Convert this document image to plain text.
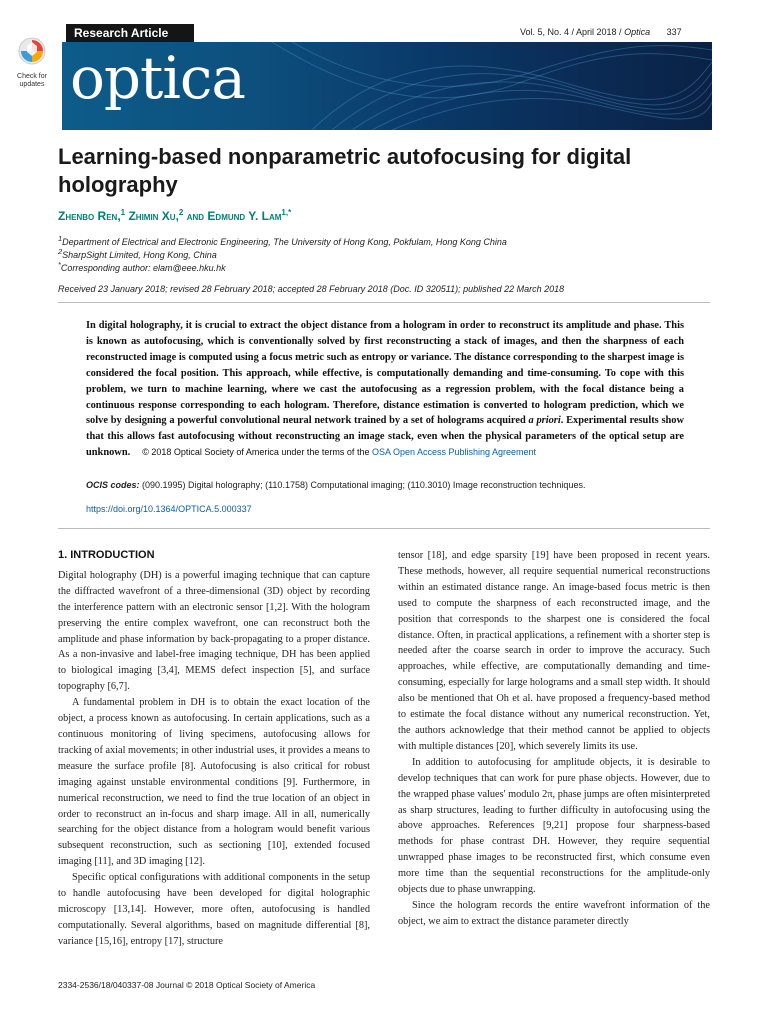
Research Article	Vol. 5, No. 4 / April 2018 / Optica 337
Check for updates optica
Learning-based nonparametric autofocusing for digital holography
Zhenbo Ren,$^1$ Zhimin Xu,$^2$ and Edmund Y. Lam$^{1,*}$
$^1$Department of Electrical and Electronic Engineering, The University of Hong Kong, Pokfulam, Hong Kong China
$^2$SharpSight Limited, Hong Kong, China
*Corresponding author: elam@eee.hku.hk
Received 23 January 2018; revised 28 February 2018; accepted 28 February 2018 (Doc. ID 320511); published 22 March 2018
In digital holography, it is crucial to extract the object distance from a hologram in order to reconstruct its amplitude and phase. This is known as autofocusing, which is conventionally solved by first reconstructing a stack of images, and then the sharpness of each reconstructed image is computed using a focus metric such as entropy or variance. The distance corresponding to the sharpest image is considered the focal position. This approach, while effective, is computationally demanding and time-consuming. To cope with this problem, we turn to machine learning, where we cast the autofocusing as a regression problem, with the focal distance being a continuous response corresponding to each hologram. Therefore, distance estimation is converted to hologram prediction, which we solve by designing a powerful convolutional neural network trained by a set of holograms acquired a priori. Experimental results show that this allows fast autofocusing without reconstructing an image stack, even when the physical parameters of the optical setup are unknown. © 2018 Optical Society of America under the terms of the OSA Open Access Publishing Agreement
OCIS codes: (090.1995) Digital holography; (110.1758) Computational imaging; (110.3010) Image reconstruction techniques.
https://doi.org/10.1364/OPTICA.5.000337
1. INTRODUCTION

Digital holography (DH) is a powerful imaging technique that can capture the diffracted wavefront of a three-dimensional (3D) object by recording the interference pattern with an electronic sensor [1,2]. With the hologram preserving the entire complex wavefront, one can reconstruct both the amplitude and phase information by back-propagating to a proper distance. As a non-invasive and label-free imaging technique, DH has been applied to biological imaging [3,4], MEMS defect inspection [5], and surface topography [6,7].

A fundamental problem in DH is to obtain the exact location of the object, a process known as autofocusing. In certain applications, such as a continuous monitoring of living specimens, autofocusing allows for tracking of axial movements; in other industrial uses, it provides a means to measure the surface profile [8]. Autofocusing is also critical for robust imaging against unstable environmental conditions [9]. Furthermore, in numerical reconstruction, we need to find the true location of an object in order to reconstruct an in-focus and sharp image. All in all, numerically searching for the object distance from a hologram would benefit various subsequent reconstruction, such as sectioning [10], extended focused imaging [11], and 3D imaging [12].

Specific optical configurations with additional components in the setup to handle autofocusing have been developed for digital holographic microscopy [13,14]. However, more often, autofocusing is handled computationally. Several algorithms, based on magnitude differential [8], variance [15,16], entropy [17], structure

tensor [18], and edge sparsity [19] have been proposed in recent years. These methods, however, all require sequential numerical reconstructions within an estimated distance range. An image-based focus metric is then used to compute the sharpness of each reconstructed image, and the position that corresponds to the sharpest one is considered the focal distance. Often, in practical applications, a refinement with a shorter step is needed after the coarse search in order to improve the accuracy. Such approaches, while effective, are computationally demanding and time-consuming, especially for large holograms and a small step width. It should also be mentioned that Oh et al. have proposed a frequency-based method to estimate the focal distance without any numerical reconstruction. Yet, the authors acknowledge that their method cannot be applied to objects with multiple distances [20], which severely limits its use.

In addition to autofocusing for amplitude objects, it is desirable to develop techniques that can work for pure phase objects. However, due to the wrapped phase values' modulo 2π, phase jumps are often misinterpreted as sharp structures, leading to further difficulty in autofocusing using the above approaches. References [9,21] propose four sharpness-based methods for phase contrast DH. However, they require sequential unwrapped phase images to be reconstructed first, which consume even more time than the sequential reconstructions for the amplitude-only objects due to phase unwrapping.

Since the hologram records the entire wavefront information of the object, we aim to extract the distance parameter directly

2334-2536/18/040337-08 Journal © 2018 Optical Society of America
